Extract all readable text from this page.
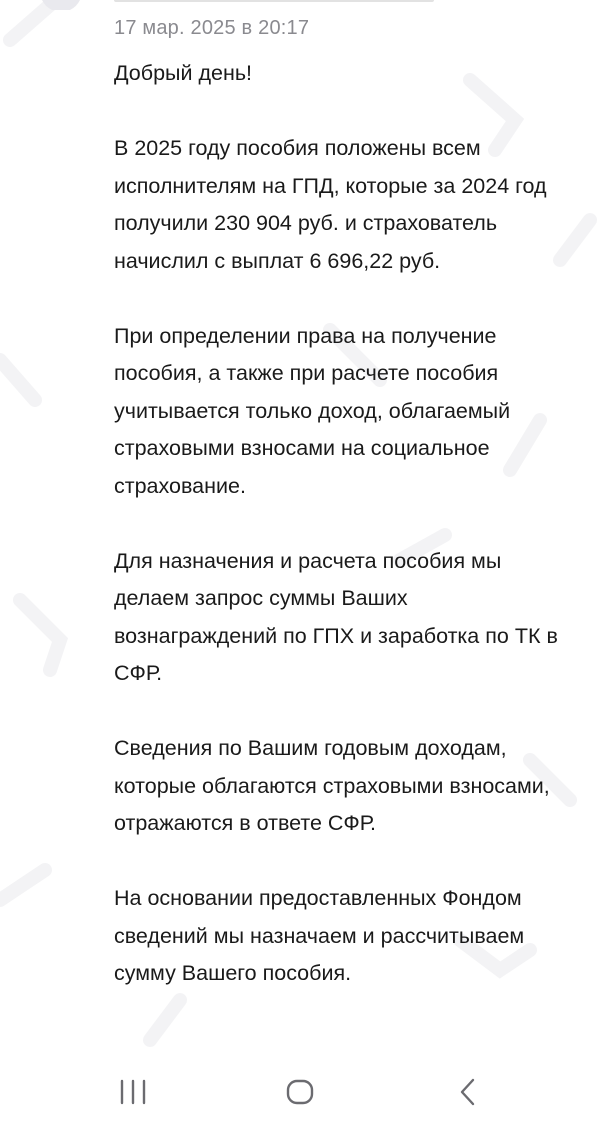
17 мар. 2025 в 20:17

Добрый день!

В 2025 году пособия положены всем исполнителям на ГПД, которые за 2024 год получили 230 904 руб. и страхователь начислил с выплат 6 696,22 руб.

При определении права на получение пособия, а также при расчете пособия учитывается только доход, облагаемый страховыми взносами на социальное страхование.

Для назначения и расчета пособия мы делаем запрос суммы Ваших вознаграждений по ГПХ и заработка по ТК в СФР.

Сведения по Вашим годовым доходам, которые облагаются страховыми взносами, отражаются в ответе СФР.

На основании предоставленных Фондом сведений мы назначаем и рассчитываем сумму Вашего пособия.
